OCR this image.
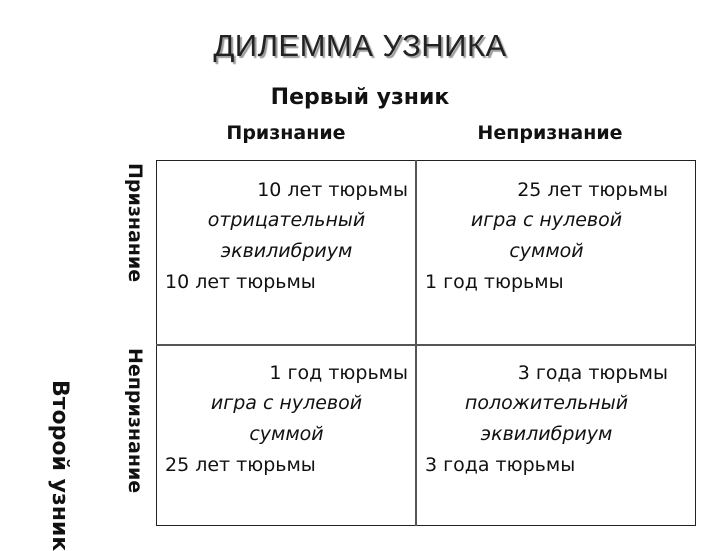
ДИЛЕММА УЗНИКА
Первый узник
Признание	Непризнание
Второй узник
Признание
Непризнание
10 лет тюрьмы
отрицательный
эквилибриум
10 лет тюрьмы
25 лет тюрьмы
игра с нулевой
суммой
1 год тюрьмы
1 год тюрьмы
игра с нулевой
суммой
25 лет тюрьмы
3 года тюрьмы
положительный
эквилибриум
3 года тюрьмы
